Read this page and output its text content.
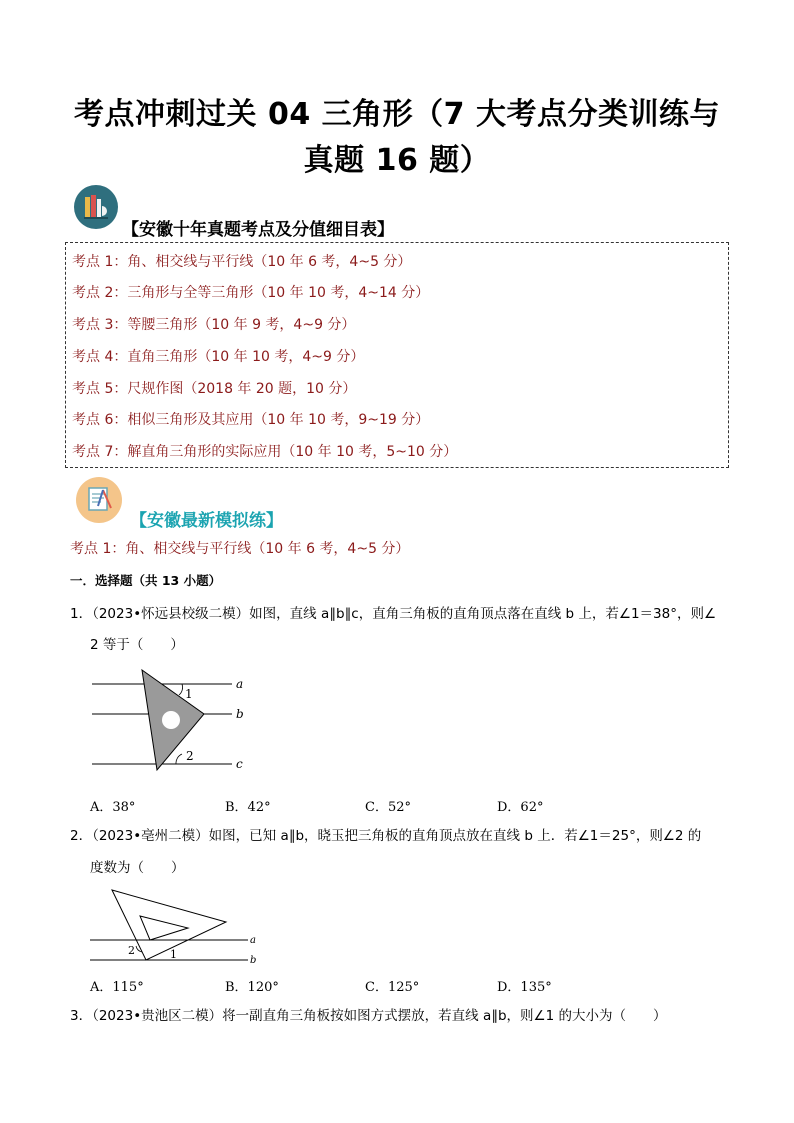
考点冲刺过关 04 三角形（7 大考点分类训练与
真题 16 题）
【安徽十年真题考点及分值细目表】
考点 1：角、相交线与平行线（10 年 6 考，4~5 分）
考点 2：三角形与全等三角形（10 年 10 考，4~14 分）
考点 3：等腰三角形（10 年 9 考，4~9 分）
考点 4：直角三角形（10 年 10 考，4~9 分）
考点 5：尺规作图（2018 年 20 题，10 分）
考点 6：相似三角形及其应用（10 年 10 考，9~19 分）
考点 7：解直角三角形的实际应用（10 年 10 考，5~10 分）
【安徽最新模拟练】
考点 1：角、相交线与平行线（10 年 6 考，4~5 分）
一．选择题（共 13 小题）
1．（2023•怀远县校级二模）如图，直线 a∥b∥c，直角三角板的直角顶点落在直线 b 上，若∠1＝38°，则∠
2 等于（　　）
1
2
a
b
c
A．38°	B．42°	C．52°	D．62°
2．（2023•亳州二模）如图，已知 a∥b，晓玉把三角板的直角顶点放在直线 b 上．若∠1＝25°，则∠2 的
度数为（　　）
2	1
a
b
A．115°	B．120°	C．125°	D．135°
3．（2023•贵池区二模）将一副直角三角板按如图方式摆放，若直线 a∥b，则∠1 的大小为（　　）
